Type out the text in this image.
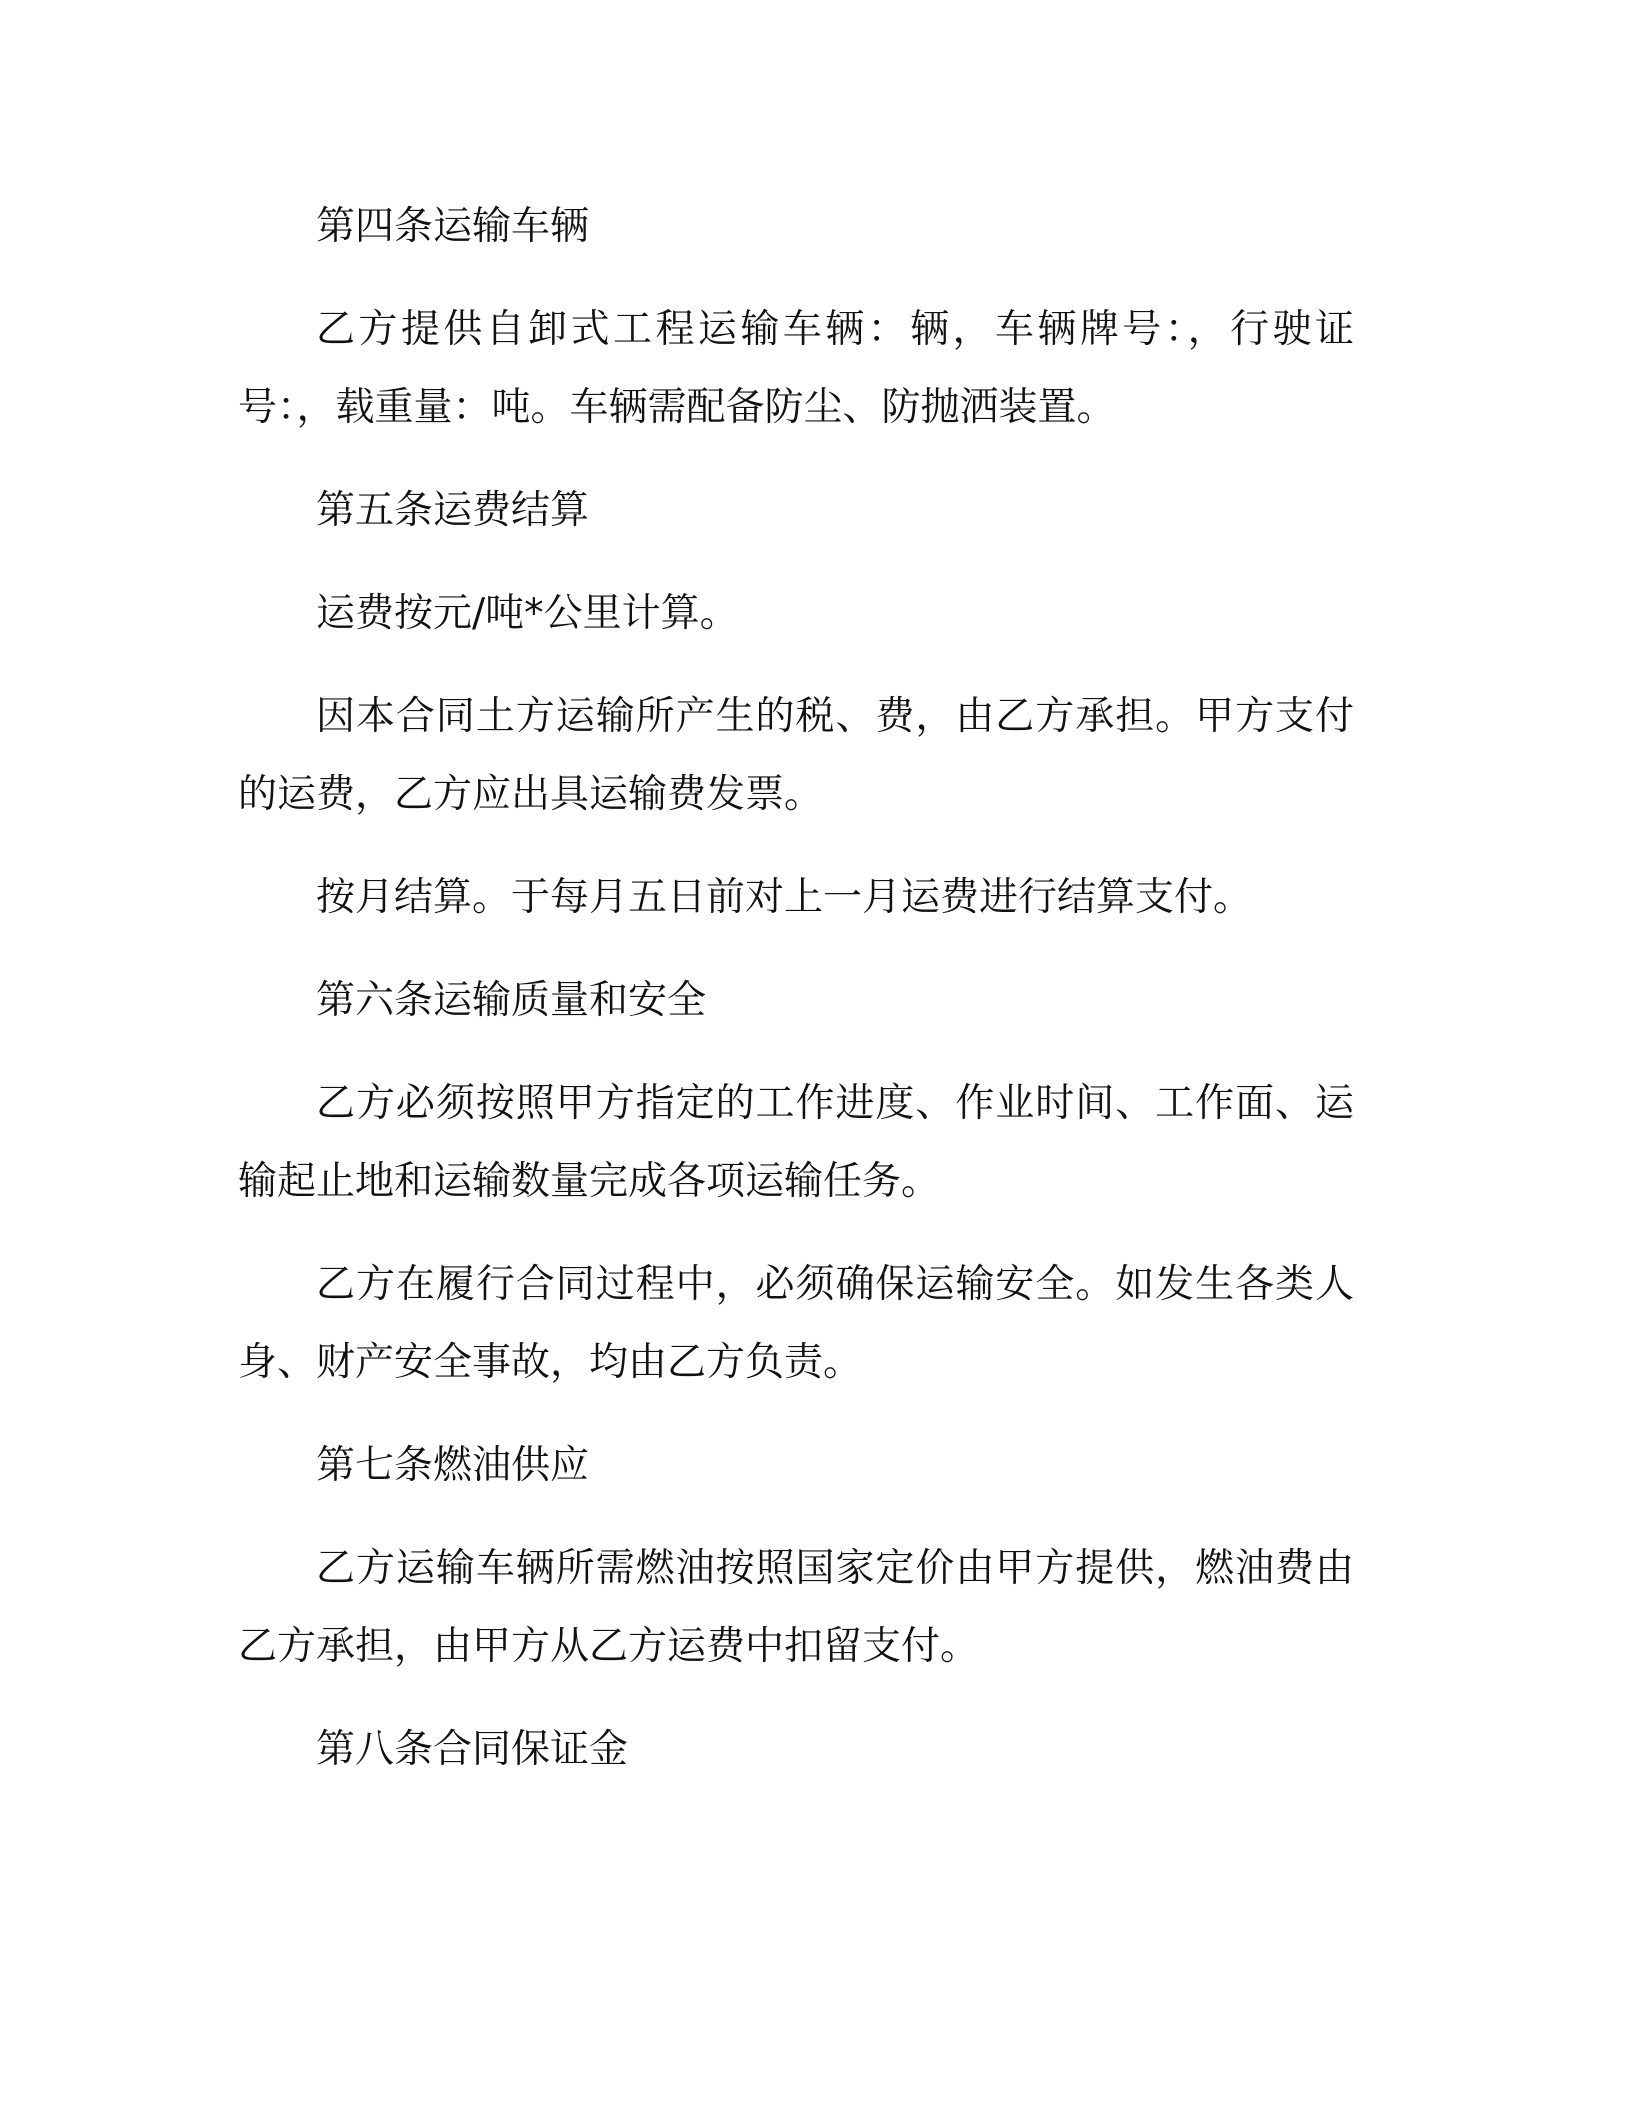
第四条运输车辆
乙方提供自卸式工程运输车辆：辆，车辆牌号：，行驶证号：，载重量：吨。车辆需配备防尘、防抛洒装置。
第五条运费结算
运费按元/吨*公里计算。
因本合同土方运输所产生的税、费，由乙方承担。甲方支付的运费，乙方应出具运输费发票。
按月结算。于每月五日前对上一月运费进行结算支付。
第六条运输质量和安全
乙方必须按照甲方指定的工作进度、作业时间、工作面、运输起止地和运输数量完成各项运输任务。
乙方在履行合同过程中，必须确保运输安全。如发生各类人身、财产安全事故，均由乙方负责。
第七条燃油供应
乙方运输车辆所需燃油按照国家定价由甲方提供，燃油费由乙方承担，由甲方从乙方运费中扣留支付。
第八条合同保证金
